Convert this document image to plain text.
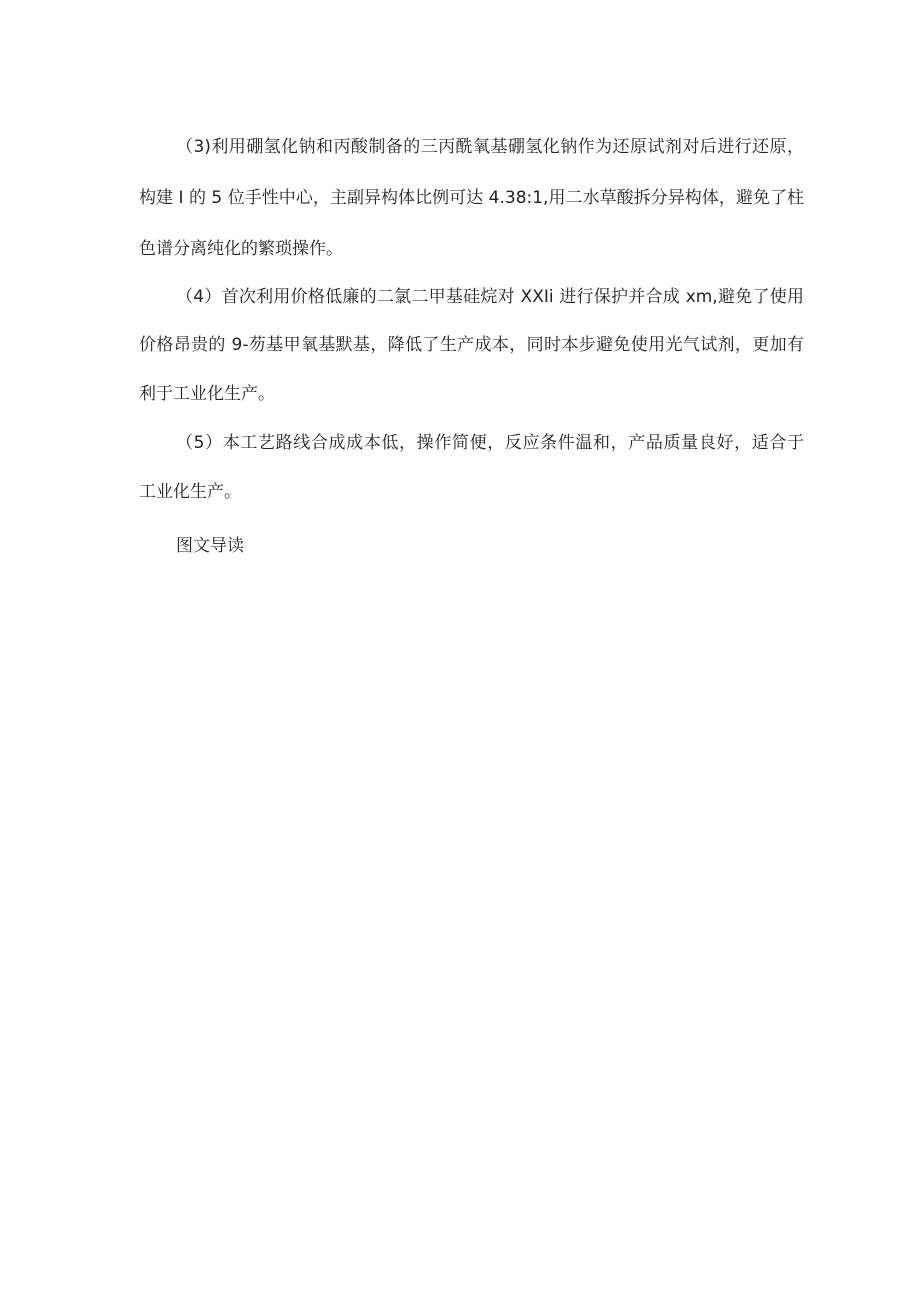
（3)利用硼氢化钠和丙酸制备的三丙酰氧基硼氢化钠作为还原试剂对后进行还原，
构建 I 的 5 位手性中心，主副异构体比例可达 4.38:1,用二水草酸拆分异构体，避免了柱
色谱分离纯化的繁琐操作。
（4）首次利用价格低廉的二氯二甲基硅烷对 XXIi 进行保护并合成 xm,避免了使用
价格昂贵的 9-芴基甲氧基默基，降低了生产成本，同时本步避免使用光气试剂，更加有
利于工业化生产。
（5）本工艺路线合成成本低，操作简便，反应条件温和，产品质量良好，适合于
工业化生产。
图文导读
